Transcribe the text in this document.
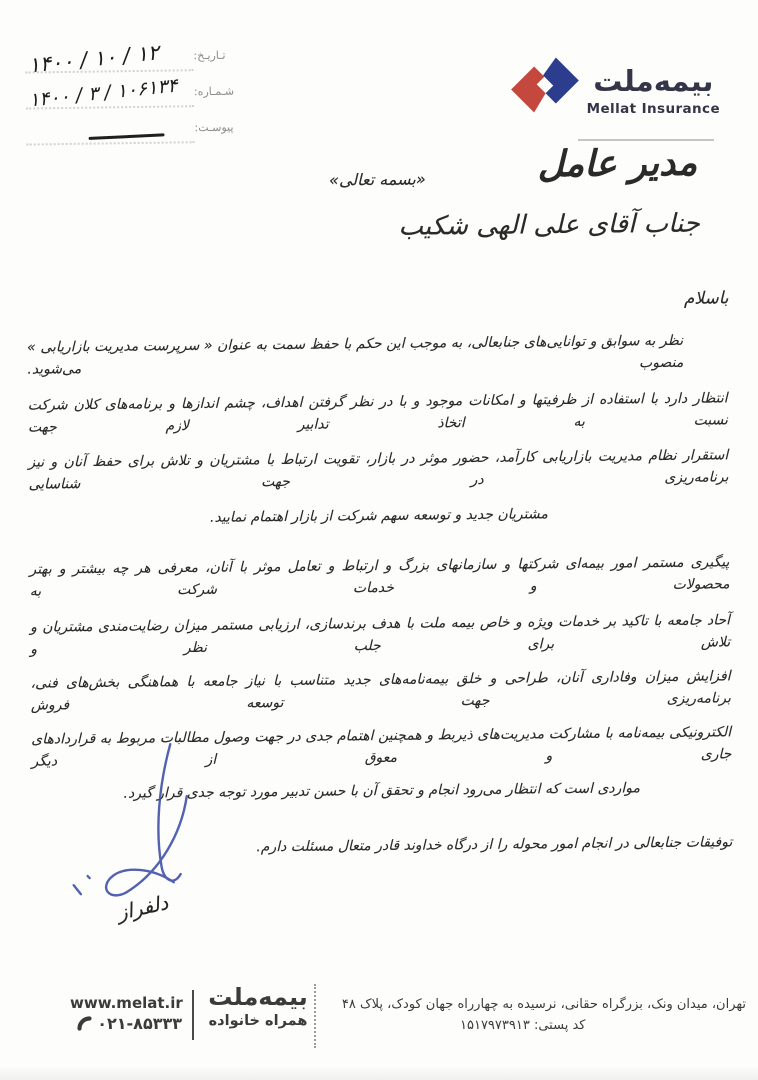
۱۴۰۰ / ۱۰ / ۱۲	تـاریـخ:
۱۴۰۰ / ۳ / ۱۰۶۱۳۴ شـمـاره:
پیوسـت:
بیمه‌ملت
Mellat Insurance
مدیر عامل
«بسمه تعالی»
جناب آقای علی الهی شکیب
باسلام
نظر به سوابق و توانایی‌های جنابعالی، به موجب این حکم با حفظ سمت به عنوان « سرپرست مدیریت بازاریابی » منصوب می‌شوید.
انتظار دارد با استفاده از ظرفیتها و امکانات موجود و با در نظر گرفتن اهداف، چشم اندازها و برنامه‌های کلان شرکت نسبت به اتخاذ تدابیر لازم جهت
استقرار نظام مدیریت بازاریابی کارآمد، حضور موثر در بازار، تقویت ارتباط با مشتریان و تلاش برای حفظ آنان و نیز برنامه‌ریزی در جهت شناسایی
مشتریان جدید و توسعه سهم شرکت از بازار اهتمام نمایید.
پیگیری مستمر امور بیمه‌ای شرکتها و سازمانهای بزرگ و ارتباط و تعامل موثر با آنان، معرفی هر چه بیشتر و بهتر محصولات و خدمات شرکت به
آحاد جامعه با تاکید بر خدمات ویژه و خاص بیمه ملت با هدف برندسازی، ارزیابی مستمر میزان رضایت‌مندی مشتریان و تلاش برای جلب نظر و
افزایش میزان وفاداری آنان، طراحی و خلق بیمه‌نامه‌های جدید متناسب با نیاز جامعه با هماهنگی بخش‌های فنی، برنامه‌ریزی جهت توسعه فروش
الکترونیکی بیمه‌نامه با مشارکت مدیریت‌های ذیربط و همچنین اهتمام جدی در جهت وصول مطالبات مربوط به قراردادهای جاری و معوق از دیگر
مواردی است که انتظار می‌رود انجام و تحقق آن با حسن تدبیر مورد توجه جدی قرار گیرد.
توفیقات جنابعالی در انجام امور محوله را از درگاه خداوند قادر متعال مسئلت دارم.
دلفراز
www.melat.ir
۰۲۱-۸۵۳۳۳
بیمه‌ملت
همراه خانواده
تهران، میدان ونک، بزرگراه حقانی، نرسیده به چهارراه جهان کودک، پلاک ۴۸
کد پستی: ۱۵۱۷۹۷۳۹۱۳
